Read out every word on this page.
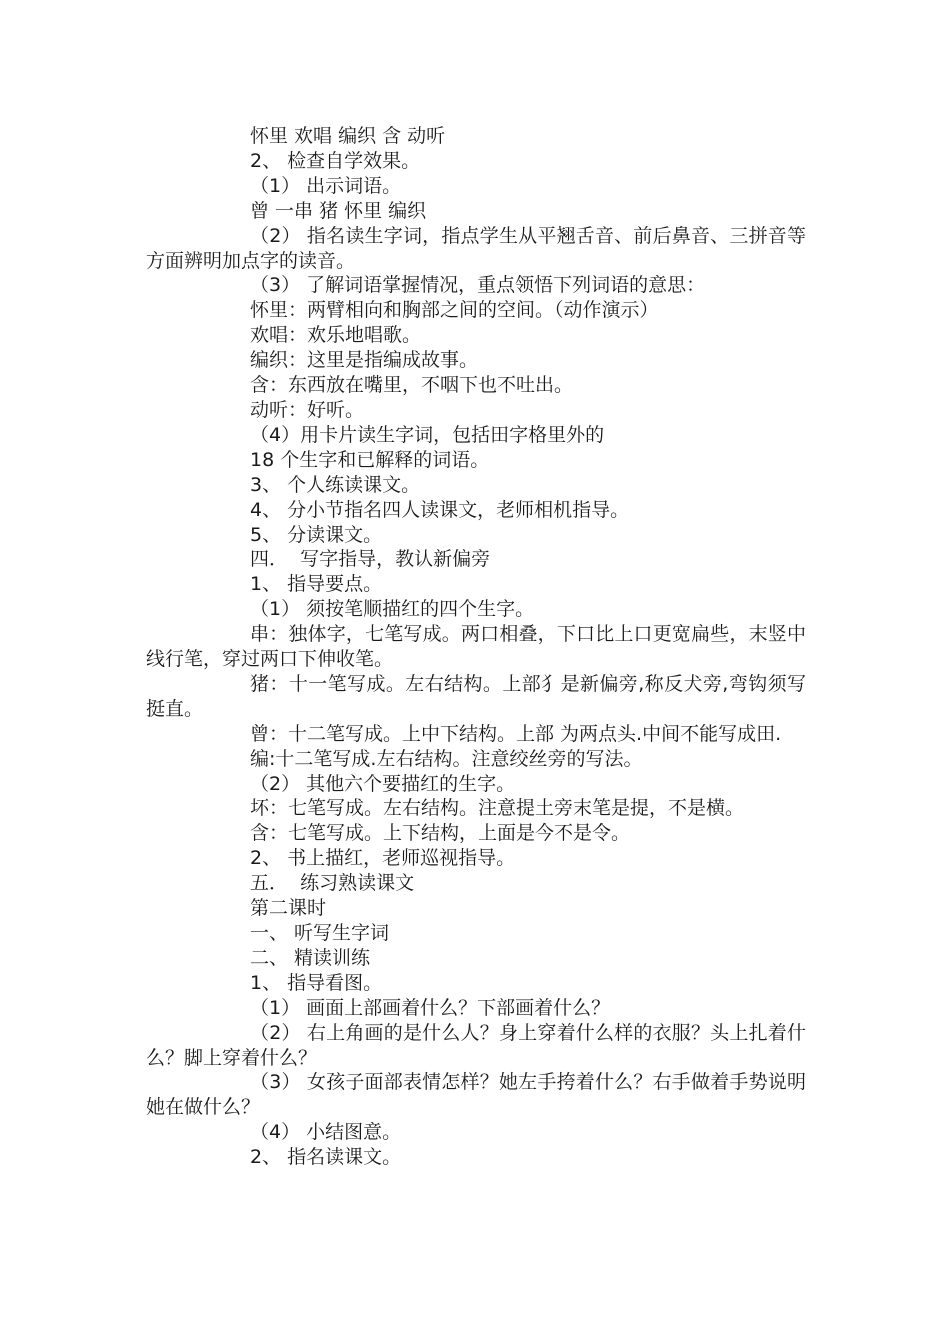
怀里 欢唱 编织 含 动听

2、 检查自学效果。

（1） 出示词语。

曾 一串 猪 怀里 编织

（2） 指名读生字词，指点学生从平翘舌音、前后鼻音、三拼音等方面辨明加点字的读音。

（3） 了解词语掌握情况，重点领悟下列词语的意思：

怀里：两臂相向和胸部之间的空间。（动作演示）

欢唱：欢乐地唱歌。

编织：这里是指编成故事。

含：东西放在嘴里，不咽下也不吐出。

动听：好听。

（4）用卡片读生字词，包括田字格里外的

18 个生字和已解释的词语。

3、 个人练读课文。

4、 分小节指名四人读课文，老师相机指导。

5、 分读课文。

四．  写字指导，教认新偏旁

1、 指导要点。

（1） 须按笔顺描红的四个生字。

串：独体字，七笔写成。两口相叠，下口比上口更宽扁些，末竖中线行笔，穿过两口下伸收笔。

猪：十一笔写成。左右结构。上部犭是新偏旁,称反犬旁,弯钩须写挺直。

曾：十二笔写成。上中下结构。上部 为两点头.中间不能写成田.

编:十二笔写成.左右结构。注意绞丝旁的写法。

（2） 其他六个要描红的生字。

坏：七笔写成。左右结构。注意提土旁末笔是提，不是横。

含：七笔写成。上下结构，上面是今不是令。

2、 书上描红，老师巡视指导。

五．  练习熟读课文

第二课时

一、 听写生字词

二、 精读训练

1、 指导看图。

（1） 画面上部画着什么？下部画着什么？

（2） 右上角画的是什么人？身上穿着什么样的衣服？头上扎着什么？脚上穿着什么？

（3） 女孩子面部表情怎样？她左手挎着什么？右手做着手势说明她在做什么？

（4） 小结图意。

2、 指名读课文。
